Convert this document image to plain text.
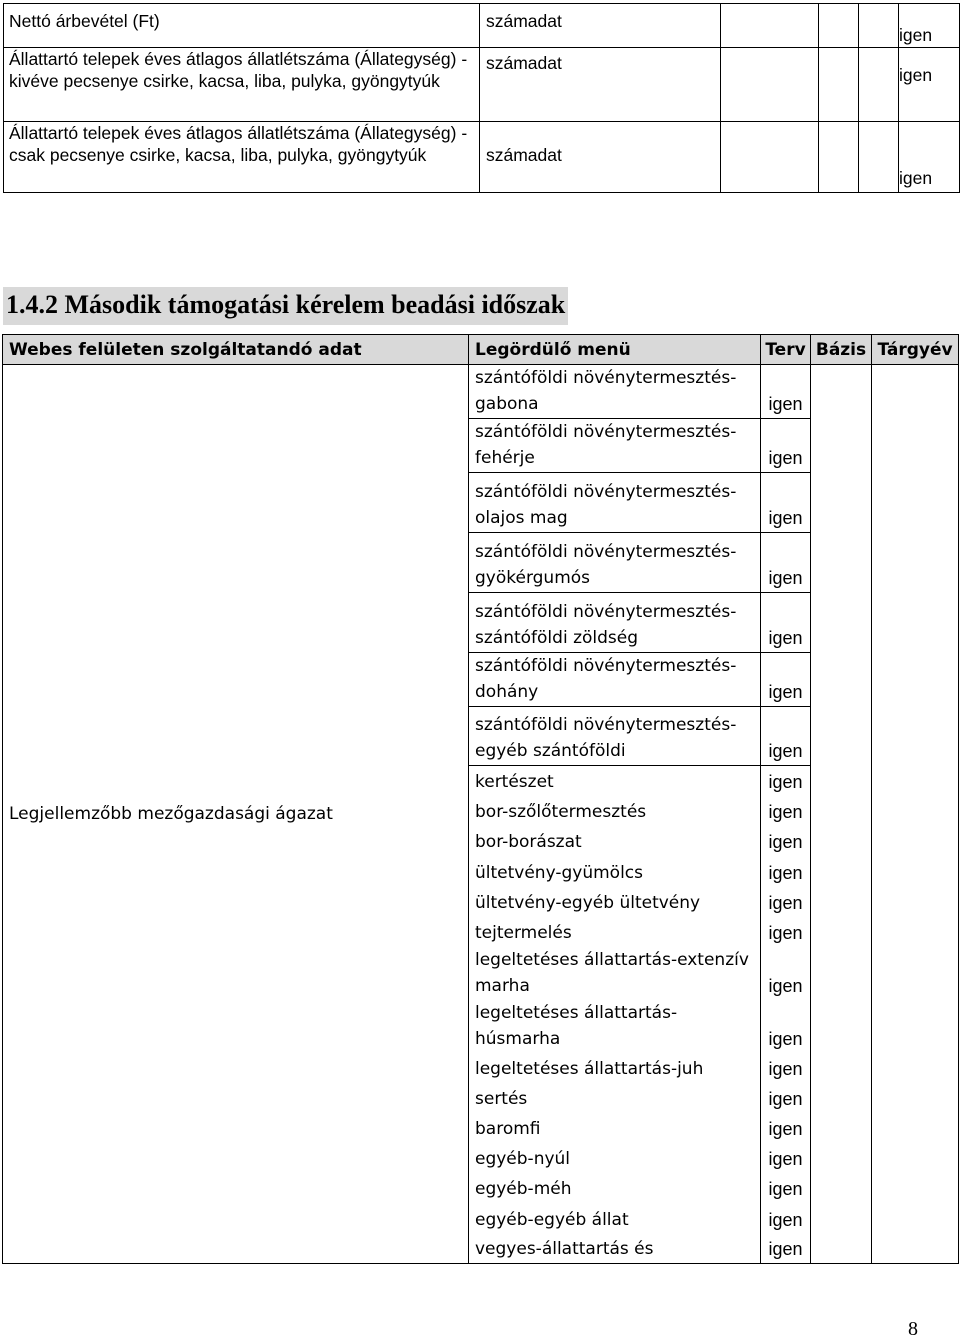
Nettó árbevétel (Ft)	számadat				igen
Állattartó telepek éves átlagos állatlétszáma (Állategység) - kivéve pecsenye csirke, kacsa, liba, pulyka, gyöngytyúk	számadat				igen
Állattartó telepek éves átlagos állatlétszáma (Állategység) - csak pecsenye csirke, kacsa, liba, pulyka, gyöngytyúk	számadat				igen
1.4.2 Második támogatási kérelem beadási időszak
Webes felületen szolgáltatandó adat	Legördülő menü	Terv	Bázis	Tárgyév
Legjellemzőbb mezőgazdasági ágazat	szántóföldi növénytermesztés-gabona	igen		
	szántóföldi növénytermesztés-fehérje	igen		
	szántóföldi növénytermesztés-olajos mag	igen		
	szántóföldi növénytermesztés-gyökérgumós	igen		
	szántóföldi növénytermesztés-szántóföldi zöldség	igen		
	szántóföldi növénytermesztés-dohány	igen		
	szántóföldi növénytermesztés-egyéb szántóföldi	igen		
	kertészet	igen		
	bor-szőlőtermesztés	igen		
	bor-borászat	igen		
	ültetvény-gyümölcs	igen		
	ültetvény-egyéb ültetvény	igen		
	tejtermelés	igen		
	legeltetéses állattartás-extenzív marha	igen		
	legeltetéses állattartás-húsmarha	igen		
	legeltetéses állattartás-juh	igen		
	sertés	igen		
	baromfi	igen		
	egyéb-nyúl	igen		
	egyéb-méh	igen		
	egyéb-egyéb állat	igen		
	vegyes-állattartás és	igen		
8
